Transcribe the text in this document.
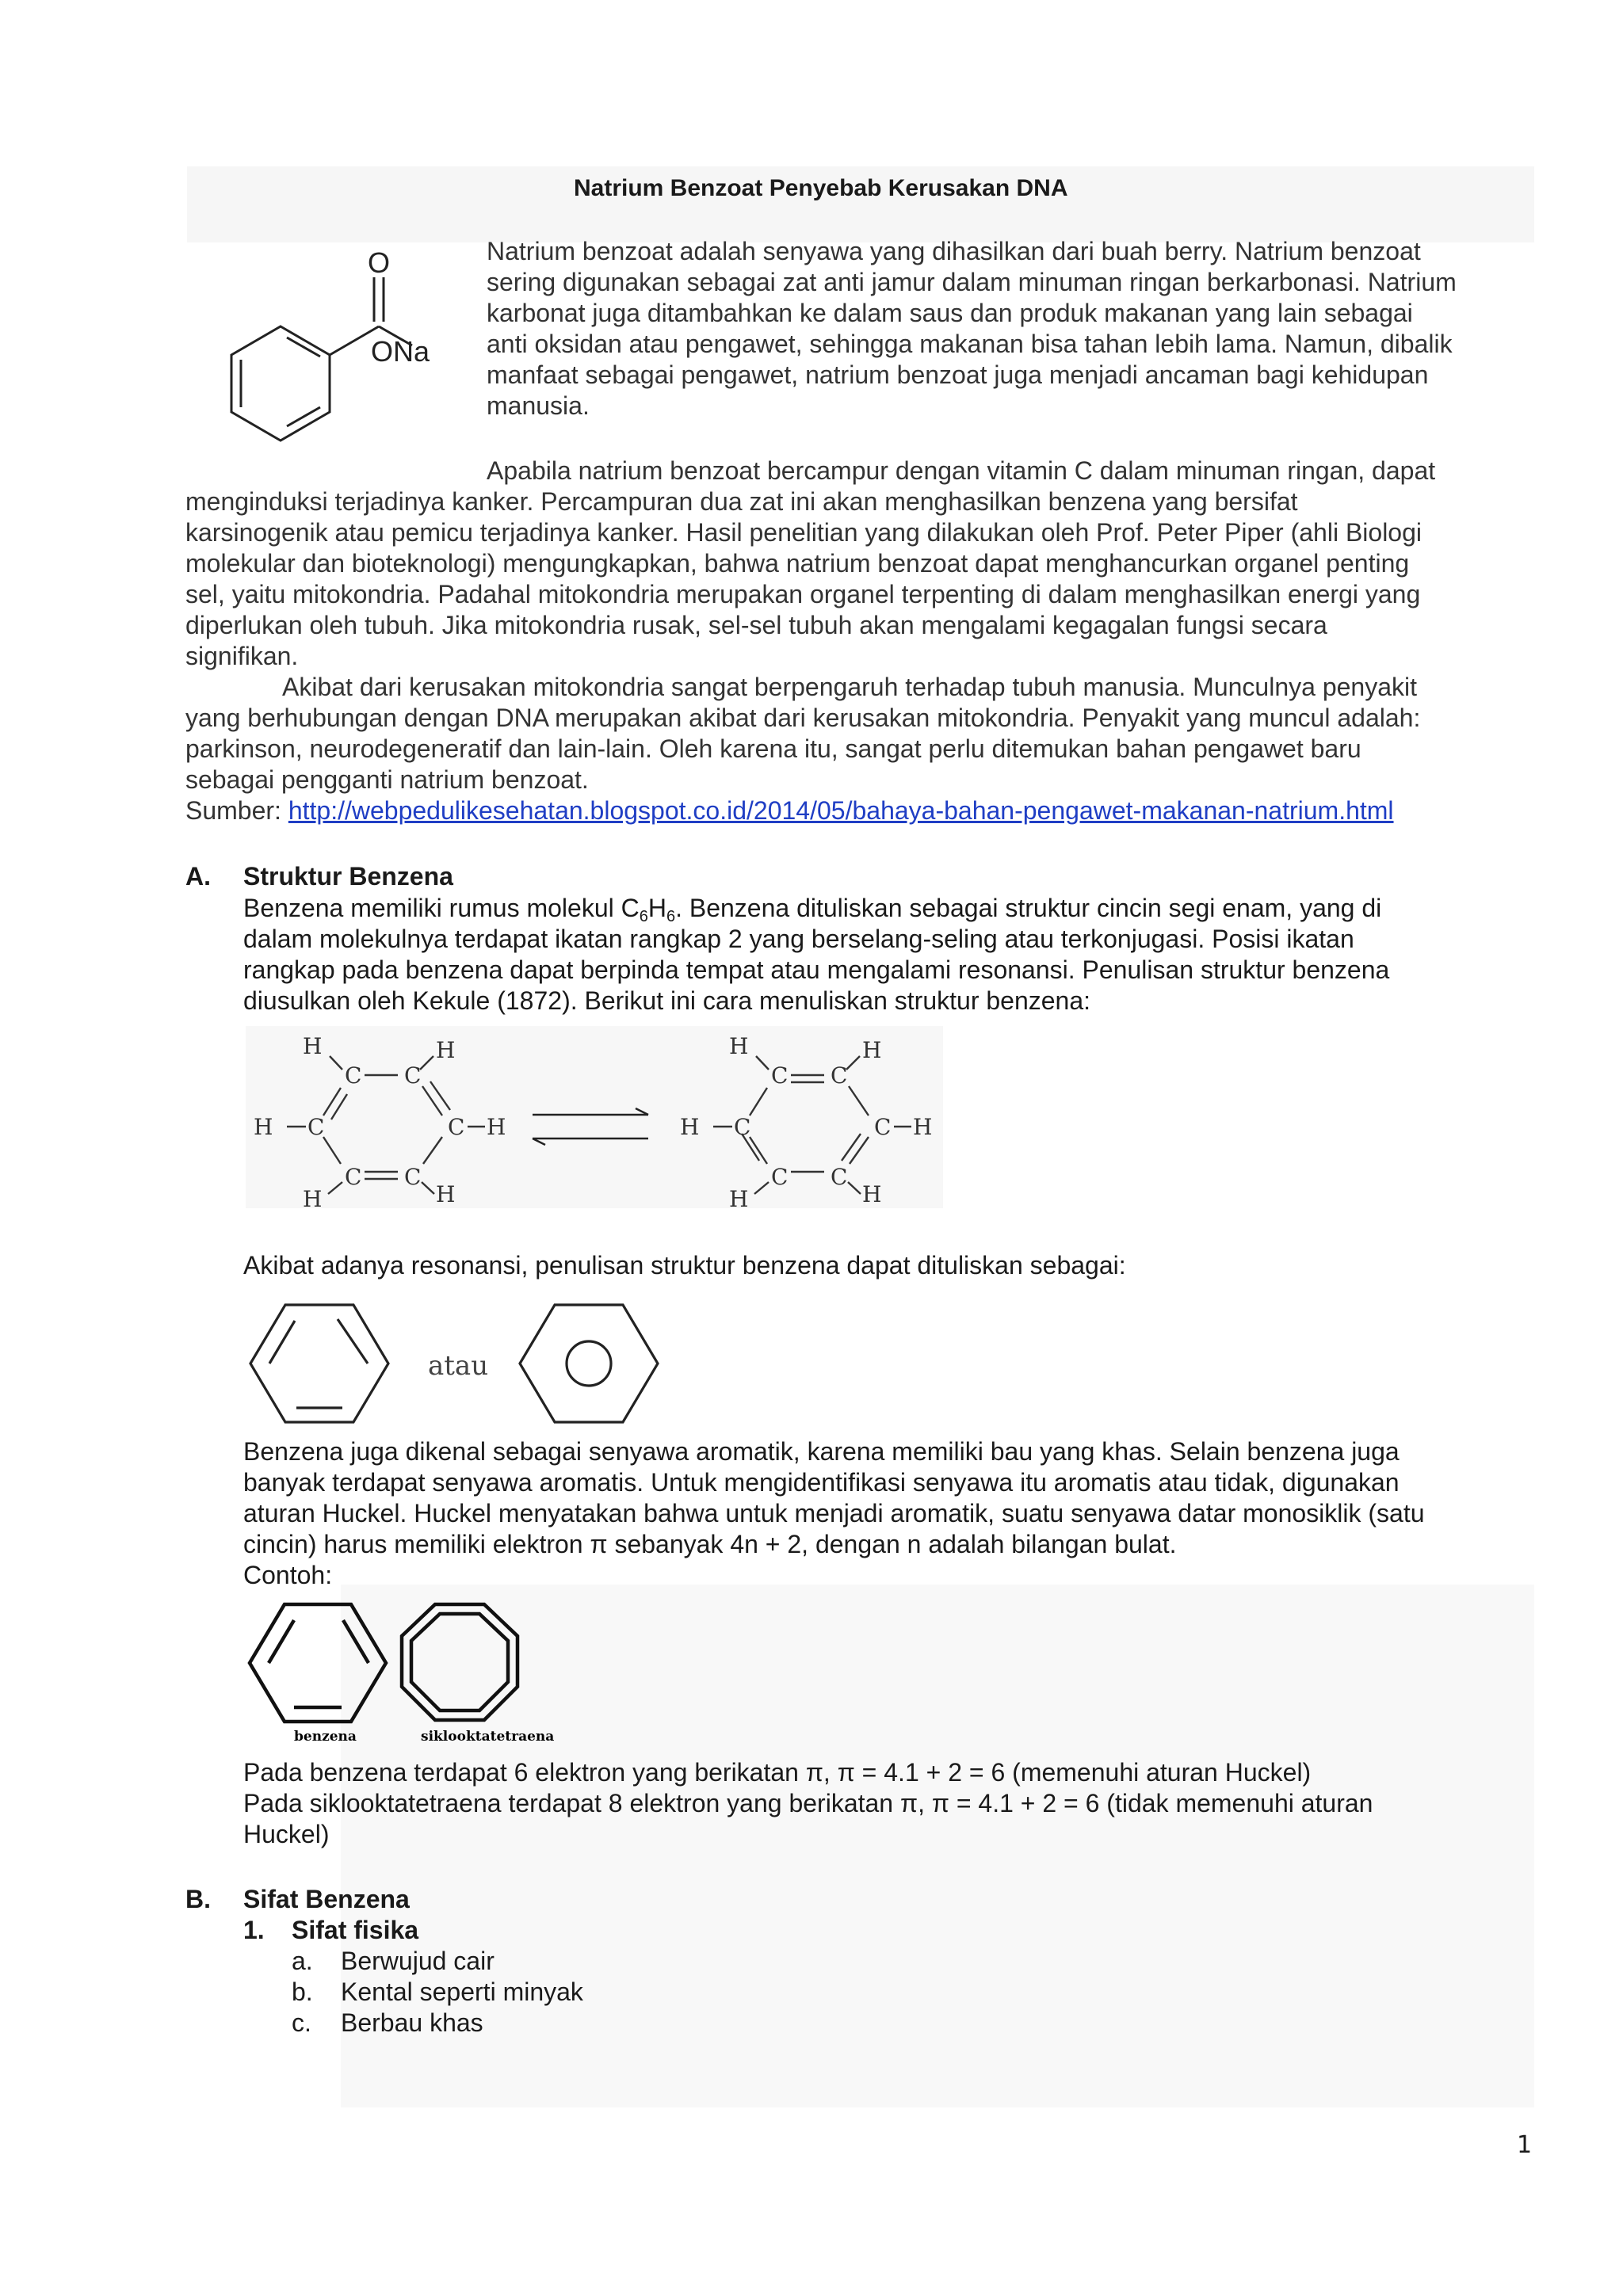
Natrium Benzoat Penyebab Kerusakan DNA
O
ONa
Natrium benzoat adalah senyawa yang dihasilkan dari buah berry. Natrium benzoat
sering digunakan sebagai zat anti jamur dalam minuman ringan berkarbonasi. Natrium
karbonat juga ditambahkan ke dalam saus dan produk makanan yang lain sebagai
anti oksidan atau pengawet, sehingga makanan bisa tahan lebih lama. Namun, dibalik
manfaat sebagai pengawet, natrium benzoat juga menjadi ancaman bagi kehidupan
manusia.
Apabila natrium benzoat bercampur dengan vitamin C dalam minuman ringan, dapat
menginduksi terjadinya kanker. Percampuran dua zat ini akan menghasilkan benzena yang bersifat
karsinogenik atau pemicu terjadinya kanker. Hasil penelitian yang dilakukan oleh Prof. Peter Piper (ahli Biologi
molekular dan bioteknologi) mengungkapkan, bahwa natrium benzoat dapat menghancurkan organel penting
sel, yaitu mitokondria. Padahal mitokondria merupakan organel terpenting di dalam menghasilkan energi yang
diperlukan oleh tubuh. Jika mitokondria rusak, sel-sel tubuh akan mengalami kegagalan fungsi secara
signifikan.
Akibat dari kerusakan mitokondria sangat berpengaruh terhadap tubuh manusia. Munculnya penyakit
yang berhubungan dengan DNA merupakan akibat dari kerusakan mitokondria. Penyakit yang muncul adalah:
parkinson, neurodegeneratif dan lain-lain. Oleh karena itu, sangat perlu ditemukan bahan pengawet baru
sebagai pengganti natrium benzoat.
Sumber: http://webpedulikesehatan.blogspot.co.id/2014/05/bahaya-bahan-pengawet-makanan-natrium.html
A. Struktur Benzena
Benzena memiliki rumus molekul $C_6H_6$. Benzena dituliskan sebagai struktur cincin segi enam, yang di
dalam molekulnya terdapat ikatan rangkap 2 yang berselang-seling atau terkonjugasi. Posisi ikatan
rangkap pada benzena dapat berpinda tempat atau mengalami resonansi. Penulisan struktur benzena
diusulkan oleh Kekule (1872). Berikut ini cara menuliskan struktur benzena:
C C
C	C
C C
H	H
H	H
H	H
C C
C	C
C C
H	H
H	H
H	H
Akibat adanya resonansi, penulisan struktur benzena dapat dituliskan sebagai:
atau
Benzena juga dikenal sebagai senyawa aromatik, karena memiliki bau yang khas. Selain benzena juga
banyak terdapat senyawa aromatis. Untuk mengidentifikasi senyawa itu aromatis atau tidak, digunakan
aturan Huckel. Huckel menyatakan bahwa untuk menjadi aromatik, suatu senyawa datar monosiklik (satu
cincin) harus memiliki elektron π sebanyak 4n + 2, dengan n adalah bilangan bulat.
Contoh:
benzena	siklooktatetraena
Pada benzena terdapat 6 elektron yang berikatan π, π = 4.1 + 2 = 6 (memenuhi aturan Huckel)
Pada siklooktatetraena terdapat 8 elektron yang berikatan π, π = 4.1 + 2 = 6 (tidak memenuhi aturan
Huckel)
B. Sifat Benzena
1. Sifat fisika
a. Berwujud cair
b. Kental seperti minyak
c. Berbau khas
1
